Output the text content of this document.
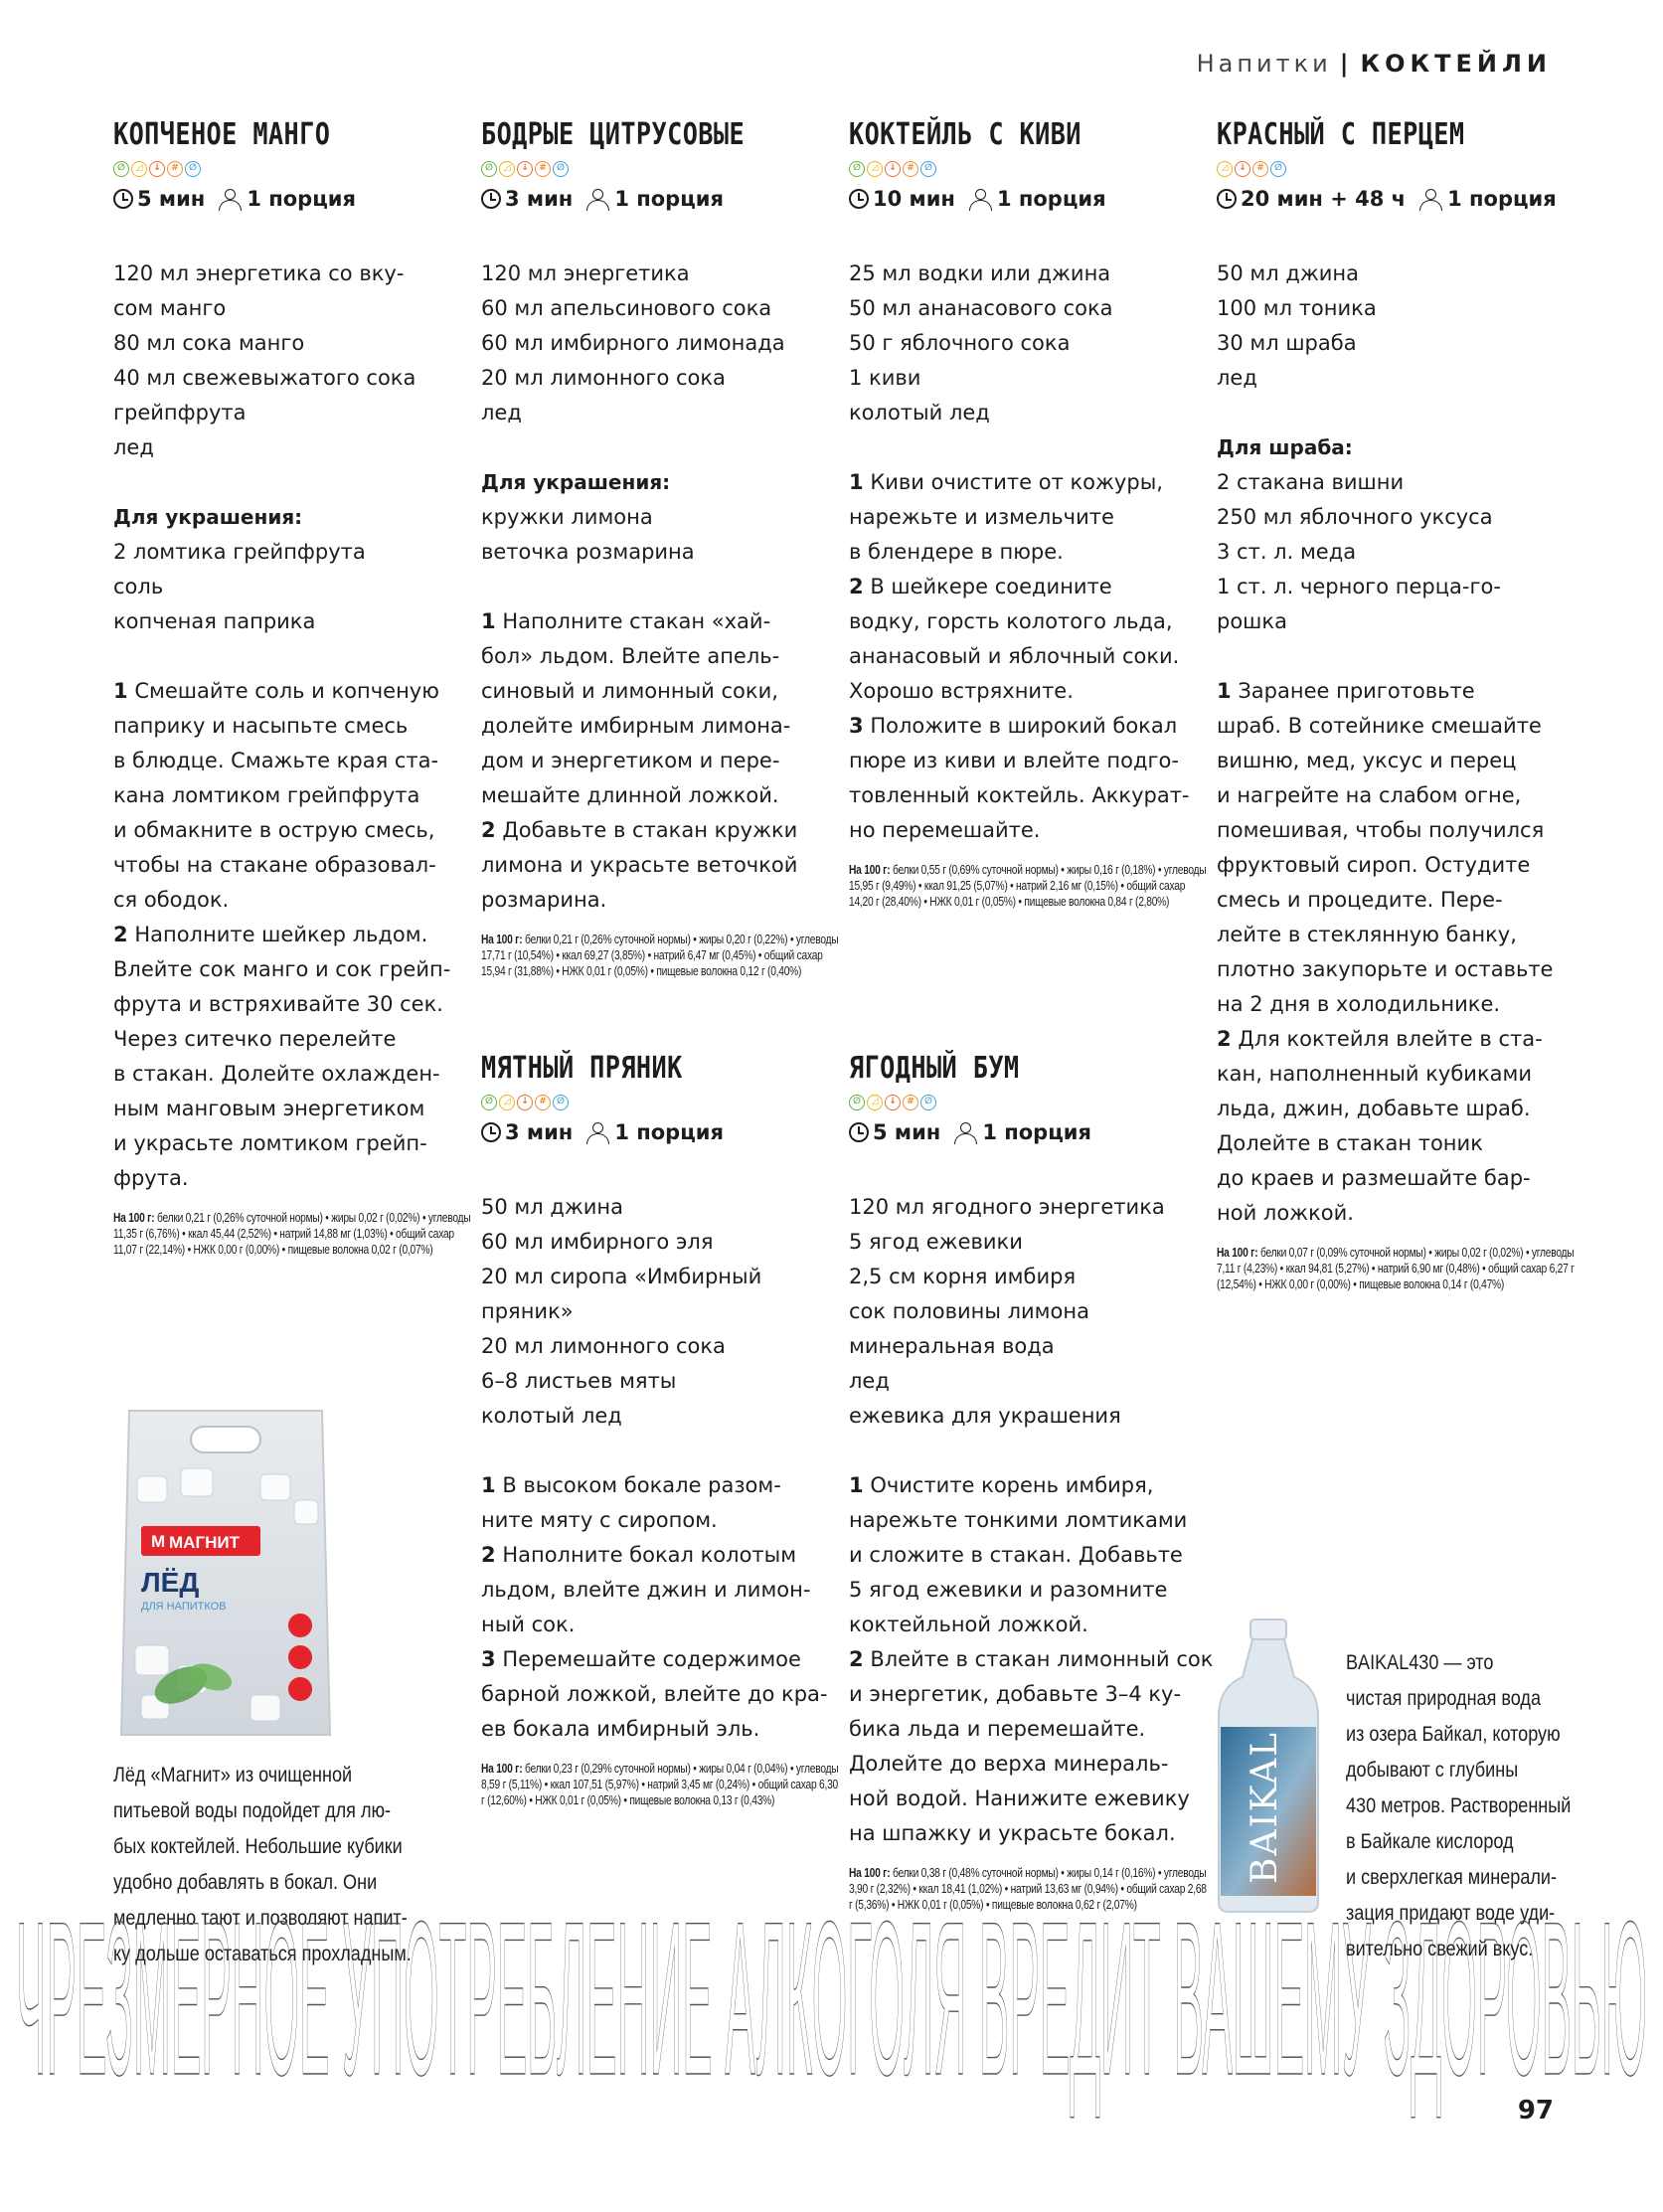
Напитки | КОКТЕЙЛИ
КОПЧЕНОЕ МАНГО
∅	◿	↓	#	∅
5 мин 1 порция
120 мл энергетика со вку-
сом манго
80 мл сока манго
40 мл свежевыжатого сока
грейпфрута
лед
Для украшения:
2 ломтика грейпфрута
соль
копченая паприка
1 Смешайте соль и копченую
паприку и насыпьте смесь
в блюдце. Смажьте края ста-
кана ломтиком грейпфрута
и обмакните в острую смесь,
чтобы на стакане образовал-
ся ободок.
2 Наполните шейкер льдом.
Влейте сок манго и сок грейп-
фрута и встряхивайте 30 сек.
Через ситечко перелейте
в стакан. Долейте охлажден-
ным манговым энергетиком
и украсьте ломтиком грейп-
фрута.
На 100 г: белки 0,21 г (0,26% суточной нормы) • жиры 0,02 г (0,02%) • углеводы 11,35 г (6,76%) • ккал 45,44 (2,52%) • натрий 14,88 мг (1,03%) • общий сахар 11,07 г (22,14%) • НЖК 0,00 г (0,00%) • пищевые волокна 0,02 г (0,07%)
БОДРЫЕ ЦИТРУСОВЫЕ
∅	◿	↓	#	∅
3 мин 1 порция
120 мл энергетика
60 мл апельсинового сока
60 мл имбирного лимонада
20 мл лимонного сока
лед
Для украшения:
кружки лимона
веточка розмарина
1 Наполните стакан «хай-
бол» льдом. Влейте апель-
синовый и лимонный соки,
долейте имбирным лимона-
дом и энергетиком и пере-
мешайте длинной ложкой.
2 Добавьте в стакан кружки
лимона и украсьте веточкой
розмарина.
На 100 г: белки 0,21 г (0,26% суточной нормы) • жиры 0,20 г (0,22%) • углеводы 17,71 г (10,54%) • ккал 69,27 (3,85%) • натрий 6,47 мг (0,45%) • общий сахар 15,94 г (31,88%) • НЖК 0,01 г (0,05%) • пищевые волокна 0,12 г (0,40%)
КОКТЕЙЛЬ С КИВИ
∅	◿	↓	#	∅
10 мин 1 порция
25 мл водки или джина
50 мл ананасового сока
50 г яблочного сока
1 киви
колотый лед
1 Киви очистите от кожуры,
нарежьте и измельчите
в блендере в пюре.
2 В шейкере соедините
водку, горсть колотого льда,
ананасовый и яблочный соки.
Хорошо встряхните.
3 Положите в широкий бокал
пюре из киви и влейте подго-
товленный коктейль. Аккурат-
но перемешайте.
На 100 г: белки 0,55 г (0,69% суточной нормы) • жиры 0,16 г (0,18%) • углеводы 15,95 г (9,49%) • ккал 91,25 (5,07%) • натрий 2,16 мг (0,15%) • общий сахар 14,20 г (28,40%) • НЖК 0,01 г (0,05%) • пищевые волокна 0,84 г (2,80%)
КРАСНЫЙ С ПЕРЦЕМ
◿	↓	#	∅
20 мин + 48 ч 1 порция
50 мл джина
100 мл тоника
30 мл шраба
лед
Для шраба:
2 стакана вишни
250 мл яблочного уксуса
3 ст. л. меда
1 ст. л. черного перца-го-
рошка
1 Заранее приготовьте
шраб. В сотейнике смешайте
вишню, мед, уксус и перец
и нагрейте на слабом огне,
помешивая, чтобы получился
фруктовый сироп. Остудите
смесь и процедите. Пере-
лейте в стеклянную банку,
плотно закупорьте и оставьте
на 2 дня в холодильнике.
2 Для коктейля влейте в ста-
кан, наполненный кубиками
льда, джин, добавьте шраб.
Долейте в стакан тоник
до краев и размешайте бар-
ной ложкой.
На 100 г: белки 0,07 г (0,09% суточной нормы) • жиры 0,02 г (0,02%) • углеводы 7,11 г (4,23%) • ккал 94,81 (5,27%) • натрий 6,90 мг (0,48%) • общий сахар 6,27 г (12,54%) • НЖК 0,00 г (0,00%) • пищевые волокна 0,14 г (0,47%)
МЯТНЫЙ ПРЯНИК
∅	◿	↓	#	∅
3 мин 1 порция
50 мл джина
60 мл имбирного эля
20 мл сиропа «Имбирный
пряник»
20 мл лимонного сока
6–8 листьев мяты
колотый лед
1 В высоком бокале разом-
ните мяту с сиропом.
2 Наполните бокал колотым
льдом, влейте джин и лимон-
ный сок.
3 Перемешайте содержимое
барной ложкой, влейте до кра-
ев бокала имбирный эль.
На 100 г: белки 0,23 г (0,29% суточной нормы) • жиры 0,04 г (0,04%) • углеводы 8,59 г (5,11%) • ккал 107,51 (5,97%) • натрий 3,45 мг (0,24%) • общий сахар 6,30 г (12,60%) • НЖК 0,01 г (0,05%) • пищевые волокна 0,13 г (0,43%)
ЯГОДНЫЙ БУМ
∅	◿	↓	#	∅
5 мин 1 порция
120 мл ягодного энергетика
5 ягод ежевики
2,5 см корня имбиря
сок половины лимона
минеральная вода
лед
ежевика для украшения
1 Очистите корень имбиря,
нарежьте тонкими ломтиками
и сложите в стакан. Добавьте
5 ягод ежевики и разомните
коктейльной ложкой.
2 Влейте в стакан лимонный сок
и энергетик, добавьте 3–4 ку-
бика льда и перемешайте.
Долейте до верха минераль-
ной водой. Нанижите ежевику
на шпажку и украсьте бокал.
На 100 г: белки 0,38 г (0,48% суточной нормы) • жиры 0,14 г (0,16%) • углеводы 3,90 г (2,32%) • ккал 18,41 (1,02%) • натрий 13,63 мг (0,94%) • общий сахар 2,68 г (5,36%) • НЖК 0,01 г (0,05%) • пищевые волокна 0,62 г (2,07%)
M МАГНИТ
ЛЁД
ДЛЯ НАПИТКОВ
Лёд «Магнит» из очищенной
питьевой воды подойдет для лю-
бых коктейлей. Небольшие кубики
удобно добавлять в бокал. Они
медленно тают и позволяют напит-
ку дольше оставаться прохладным.
BAIKAL
BAIKAL430 — это
чистая природная вода
из озера Байкал, которую
добывают с глубины
430 метров. Растворенный
в Байкале кислород
и сверхлегкая минерали-
зация придают воде уди-
вительно свежий вкус.
ЧРЕЗМЕРНОЕ УПОТРЕБЛЕНИЕ АЛКОГОЛЯ ВРЕДИТ ВАШЕМУ ЗДОРОВЬЮ
97
